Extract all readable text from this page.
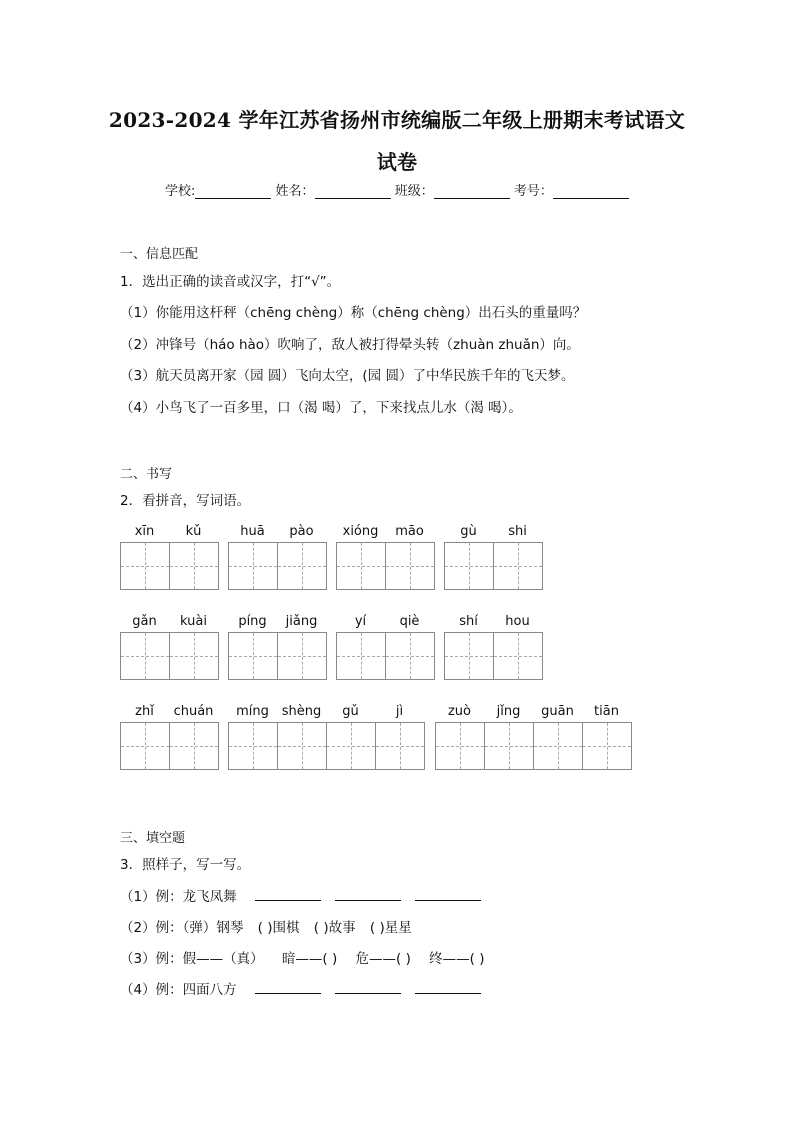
2023-2024 学年江苏省扬州市统编版二年级上册期末考试语文
试卷
学校:	姓名：	班级：	考号：
一、信息匹配
1．选出正确的读音或汉字，打“√”。
（1）你能用这杆秤（chēng chèng）称（chēng chèng）出石头的重量吗？
（2）冲锋号（háo hào）吹响了，敌人被打得晕头转（zhuàn zhuǎn）向。
（3）航天员离开家（园 圆）飞向太空，(园 圆）了中华民族千年的飞天梦。
（4）小鸟飞了一百多里，口（渴 喝）了，下来找点儿水（渴 喝）。
二、书写
2．看拼音，写词语。
xīn	kǔ	huā	pào	xióng	māo	gù	shi
gǎn	kuài	píng	jiǎng	yí	qiè	shí	hou
zhǐ	chuán	míng shèng	gǔ	jì	zuò	jǐng	guān	tiān
三、填空题
3．照样子，写一写。
（1）例：龙飞凤舞
（2）例：（弹）钢琴 ( )围棋 ( )故事 ( )星星
（3）例：假——（真） 暗——( ) 危——( ) 终——( )
（4）例：四面八方
